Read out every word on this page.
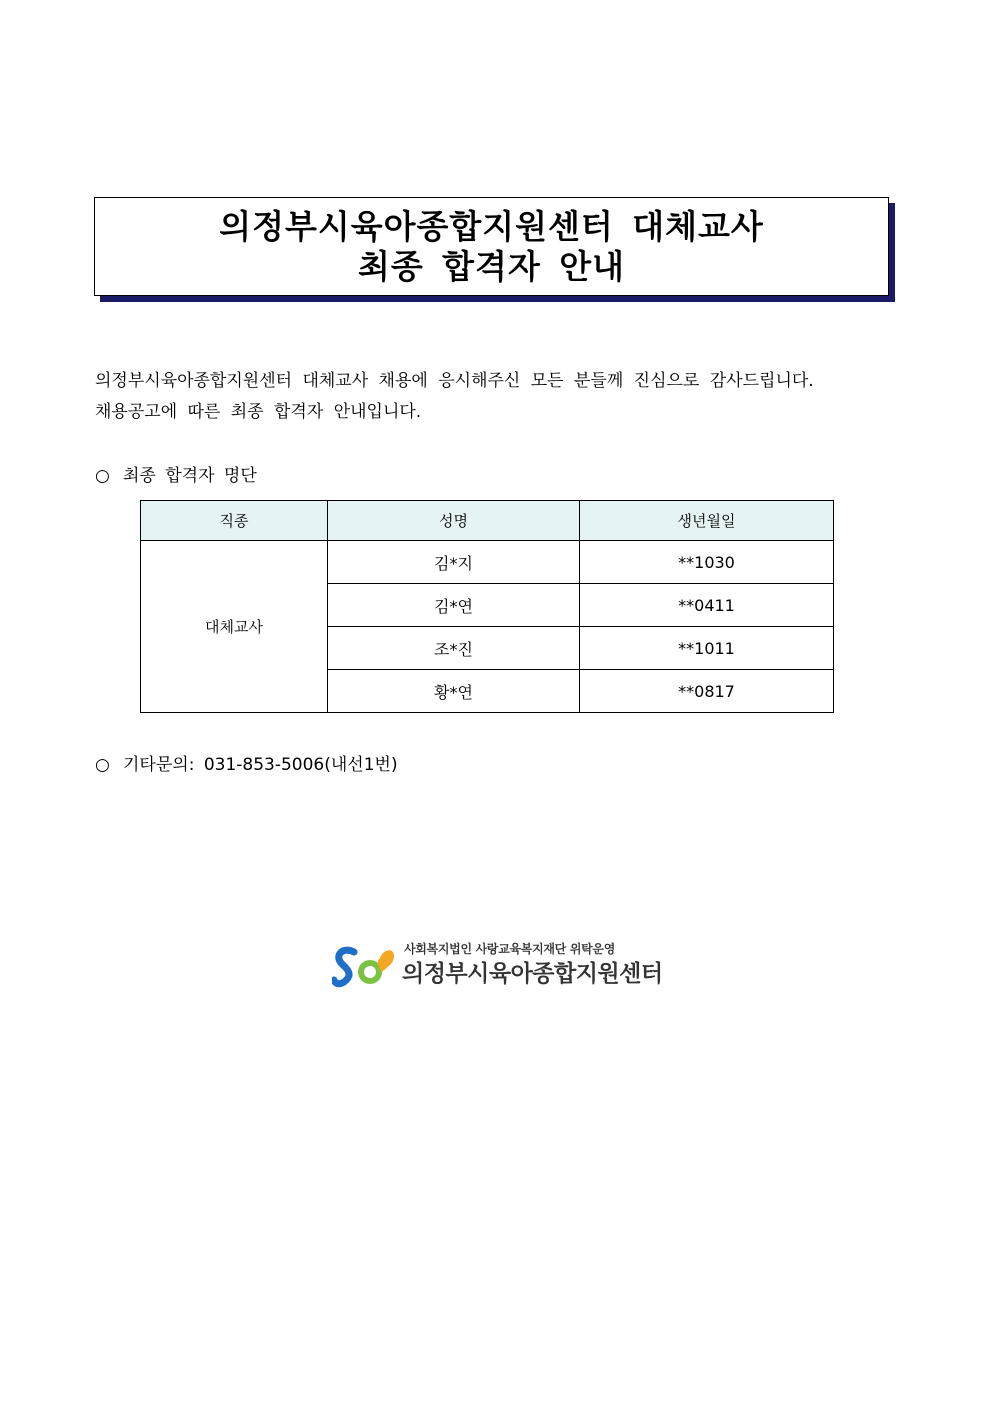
의정부시육아종합지원센터 대체교사
최종 합격자 안내
의정부시육아종합지원센터 대체교사 채용에 응시해주신 모든 분들께 진심으로 감사드립니다.
채용공고에 따른 최종 합격자 안내입니다.
○ 최종 합격자 명단
직종	성명	생년월일
대체교사	김*지	**1030
	김*연	**0411
	조*진	**1011
	황*연	**0817
○ 기타문의: 031-853-5006(내선1번)
사회복지법인 사랑교육복지재단 위탁운영
의정부시육아종합지원센터
